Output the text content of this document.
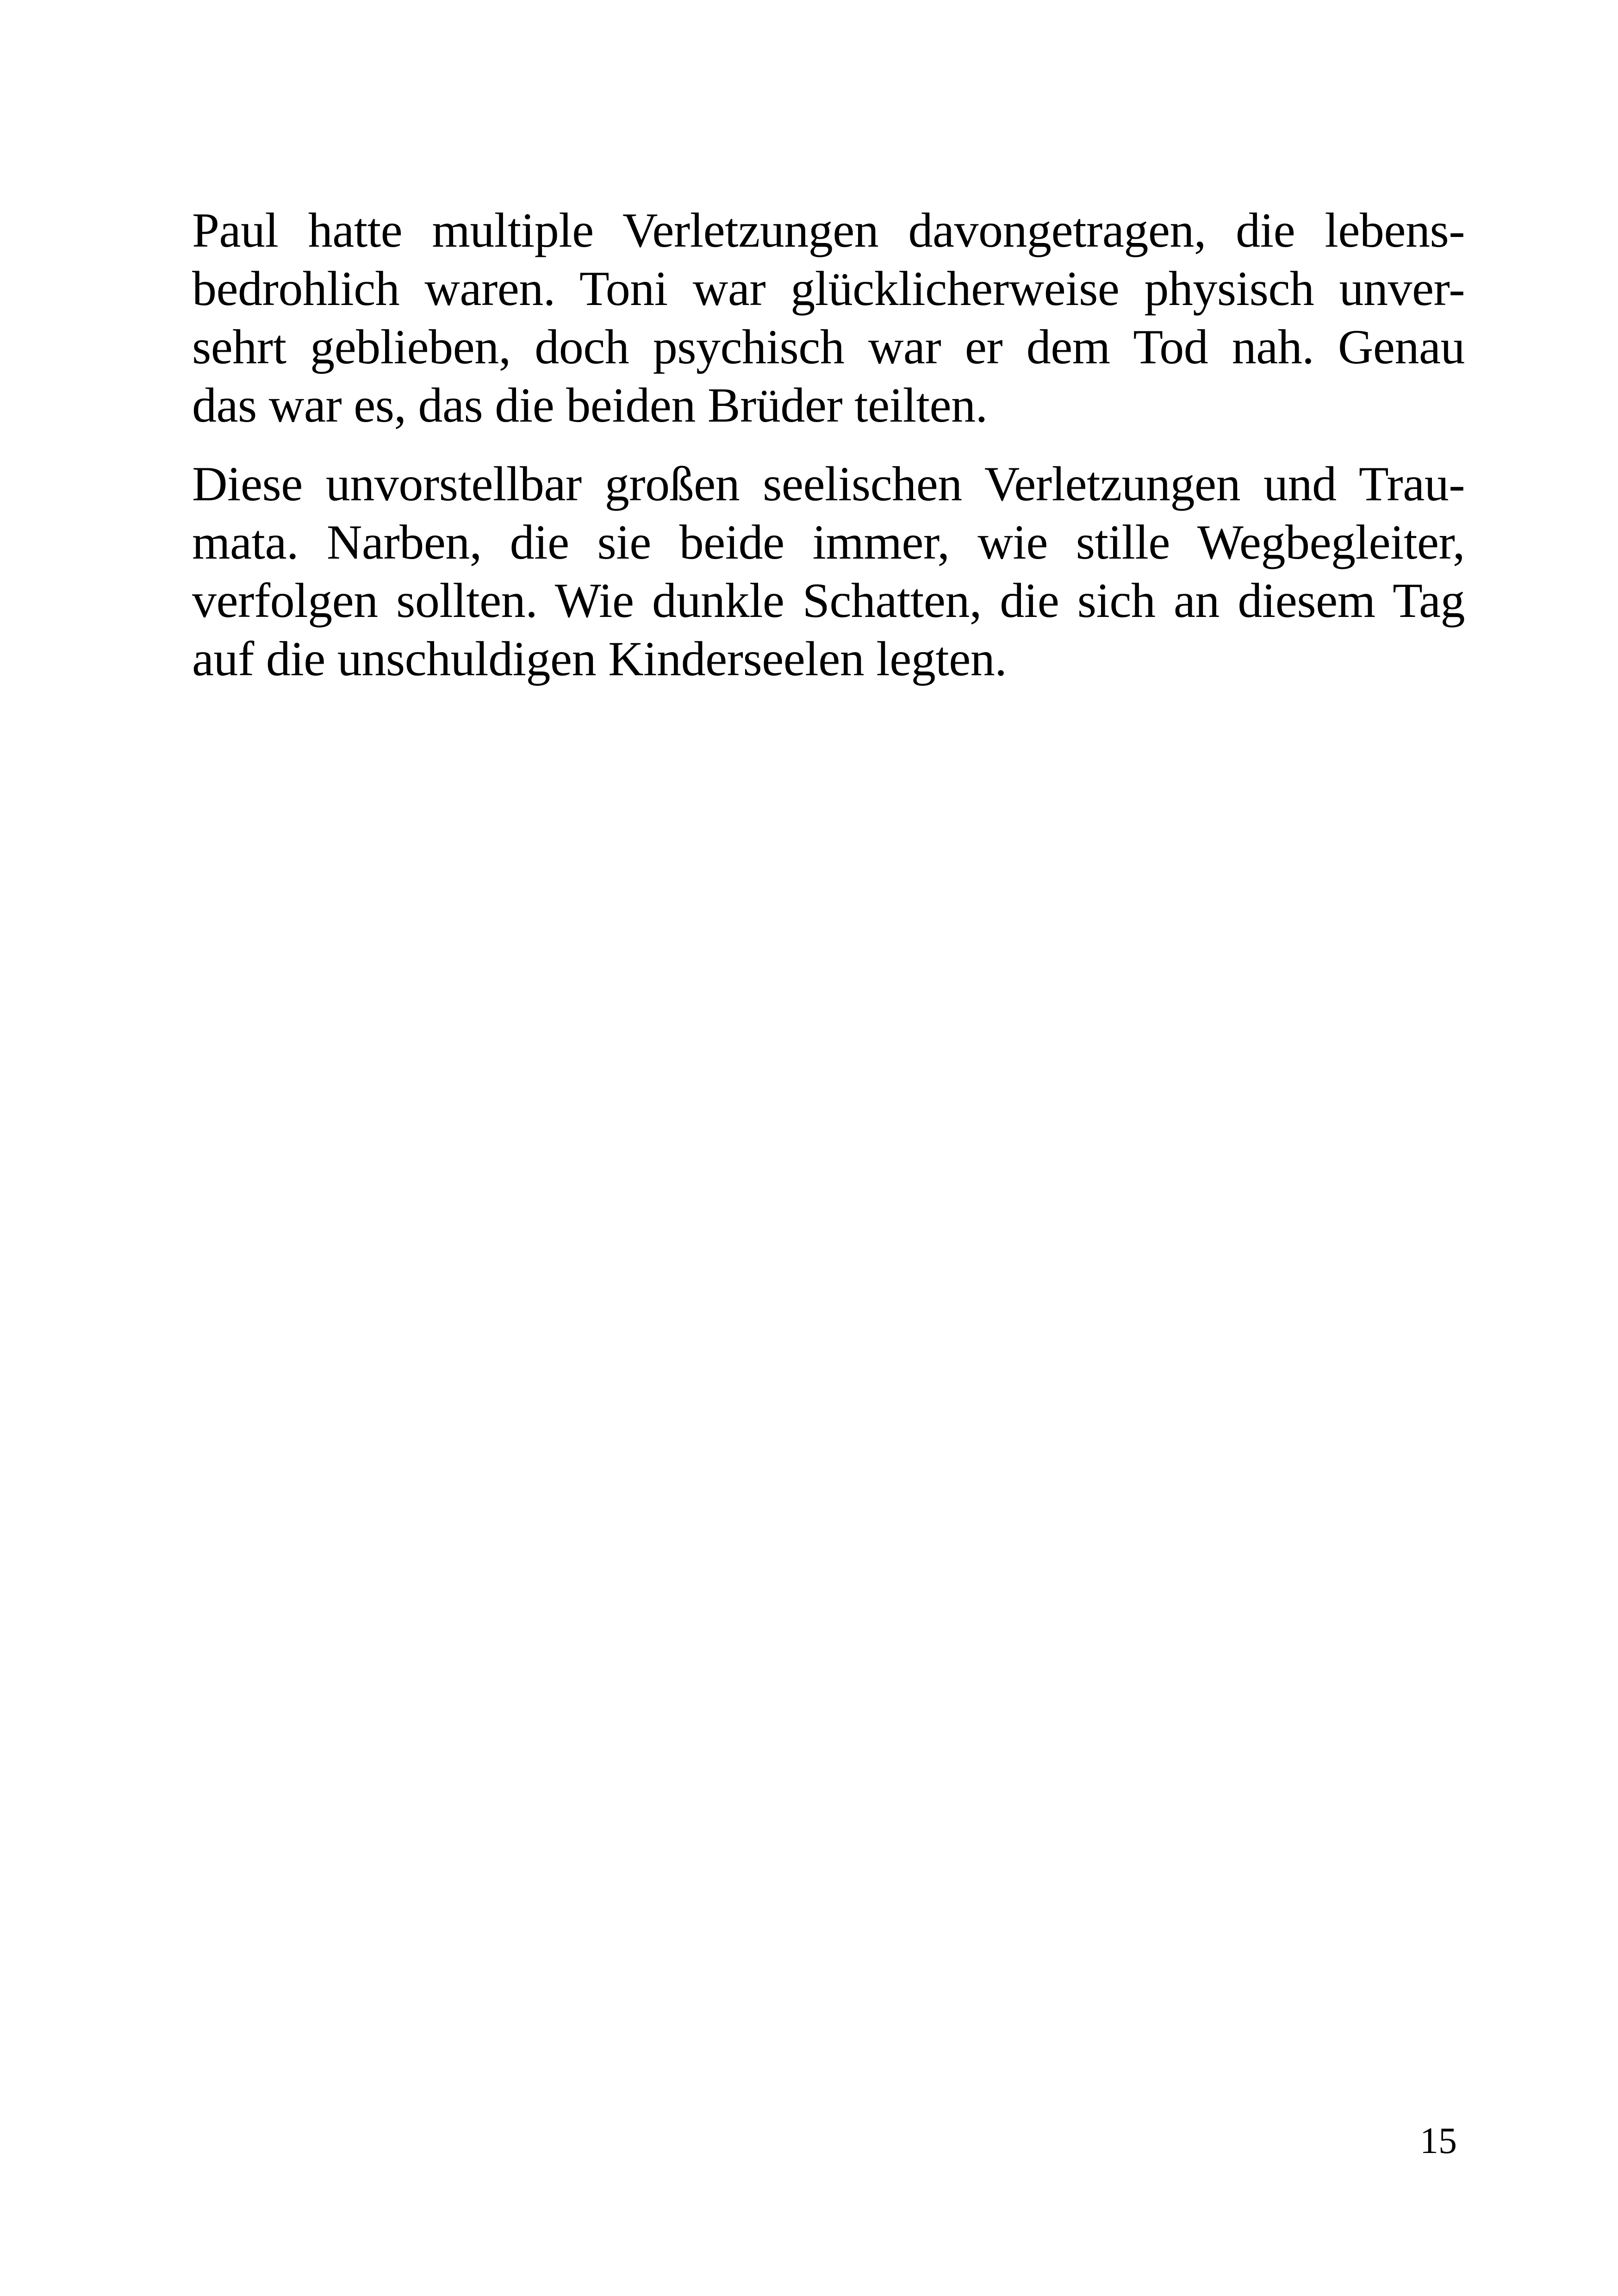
Paul hatte multiple Verletzungen davongetragen, die lebens-
bedrohlich waren. Toni war glücklicherweise physisch unver-
sehrt geblieben, doch psychisch war er dem Tod nah. Genau
das war es, das die beiden Brüder teilten.
Diese unvorstellbar großen seelischen Verletzungen und Trau-
mata. Narben, die sie beide immer, wie stille Wegbegleiter,
verfolgen sollten. Wie dunkle Schatten, die sich an diesem Tag
auf die unschuldigen Kinderseelen legten.
15
